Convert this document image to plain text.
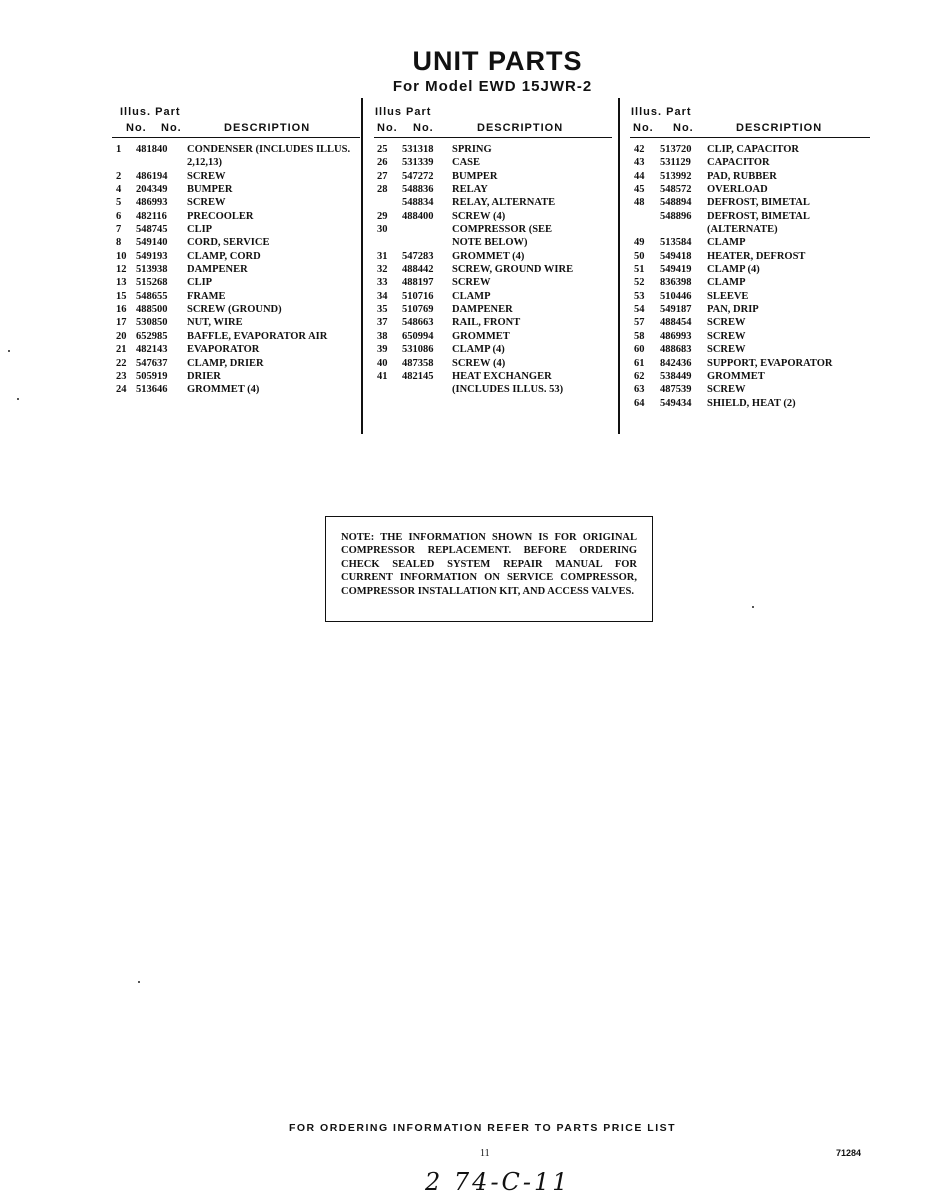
UNIT PARTS
For Model EWD 15JWR-2
Illus. Part
No. No.	DESCRIPTION
1 481840 CONDENSER (INCLUDES ILLUS.
2,12,13)
2 486194 SCREW
4 204349 BUMPER
5 486993 SCREW
6 482116 PRECOOLER
7 548745 CLIP
8 549140 CORD, SERVICE
10 549193 CLAMP, CORD
12 513938 DAMPENER
13 515268 CLIP
15 548655 FRAME
16 488500 SCREW (GROUND)
17 530850 NUT, WIRE
20 652985 BAFFLE, EVAPORATOR AIR
21 482143 EVAPORATOR
22 547637 CLAMP, DRIER
23 505919 DRIER
24 513646 GROMMET (4)
Illus Part
No. No.	DESCRIPTION
25 531318 SPRING
26 531339 CASE
27 547272 BUMPER
28 548836 RELAY
548834 RELAY, ALTERNATE
29 488400 SCREW (4)
30	COMPRESSOR (SEE
NOTE BELOW)
31 547283 GROMMET (4)
32 488442 SCREW, GROUND WIRE
33 488197 SCREW
34 510716 CLAMP
35 510769 DAMPENER
37 548663 RAIL, FRONT
38 650994 GROMMET
39 531086 CLAMP (4)
40 487358 SCREW (4)
41 482145 HEAT EXCHANGER
(INCLUDES ILLUS. 53)
Illus. Part
No. No.	DESCRIPTION
42 513720 CLIP, CAPACITOR
43 531129 CAPACITOR
44 513992 PAD, RUBBER
45 548572 OVERLOAD
48 548894 DEFROST, BIMETAL
548896 DEFROST, BIMETAL
(ALTERNATE)
49 513584 CLAMP
50 549418 HEATER, DEFROST
51 549419 CLAMP (4)
52 836398 CLAMP
53 510446 SLEEVE
54 549187 PAN, DRIP
57 488454 SCREW
58 486993 SCREW
60 488683 SCREW
61 842436 SUPPORT, EVAPORATOR
62 538449 GROMMET
63 487539 SCREW
64 549434 SHIELD, HEAT (2)

NOTE: THE INFORMATION SHOWN IS FOR ORIGINAL COMPRESSOR REPLACEMENT. BEFORE ORDERING CHECK SEALED SYSTEM REPAIR MANUAL FOR CURRENT INFORMATION ON SERVICE COMPRESSOR, COMPRESSOR INSTALLATION KIT, AND ACCESS VALVES.

FOR ORDERING INFORMATION REFER TO PARTS PRICE LIST
11	71284
2 74-C-11
